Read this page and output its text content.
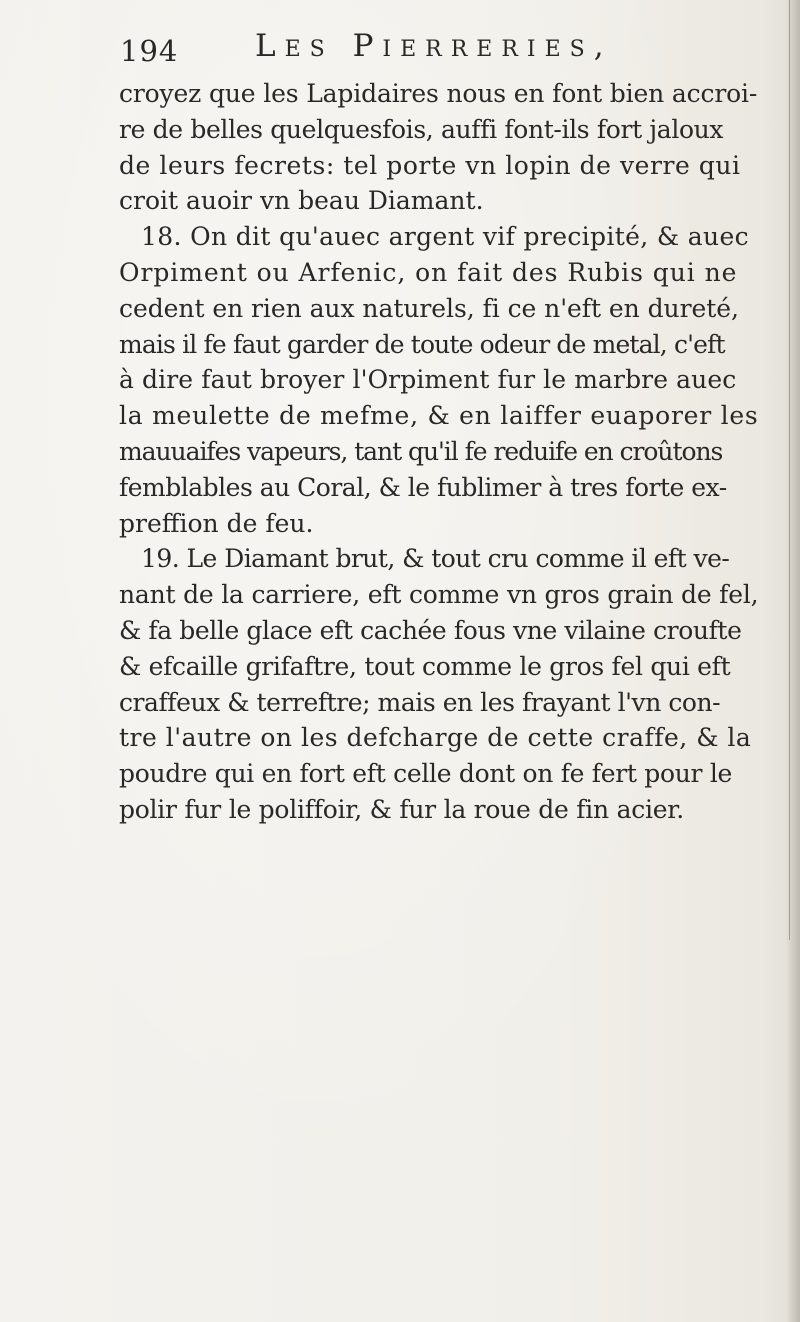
194 Les Pierreries,
croyez que les Lapidaires nous en font bien accroi-
re de belles quelquesfois, auffi font-ils fort jaloux
de leurs fecrets: tel porte vn lopin de verre qui
croit auoir vn beau Diamant.
18. On dit qu'auec argent vif precipité, & auec
Orpiment ou Arfenic, on fait des Rubis qui ne
cedent en rien aux naturels, fi ce n'eft en dureté,
mais il fe faut garder de toute odeur de metal, c'eft
à dire faut broyer l'Orpiment fur le marbre auec
la meulette de mefme, & en laiffer euaporer les
mauuaifes vapeurs, tant qu'il fe reduife en croûtons
femblables au Coral, & le fublimer à tres forte ex-
preffion de feu.
19. Le Diamant brut, & tout cru comme il eft ve-
nant de la carriere, eft comme vn gros grain de fel,
& fa belle glace eft cachée fous vne vilaine croufte
& efcaille grifaftre, tout comme le gros fel qui eft
craffeux & terreftre; mais en les frayant l'vn con-
tre l'autre on les defcharge de cette craffe, & la
poudre qui en fort eft celle dont on fe fert pour le
polir fur le poliffoir, & fur la roue de fin acier.
